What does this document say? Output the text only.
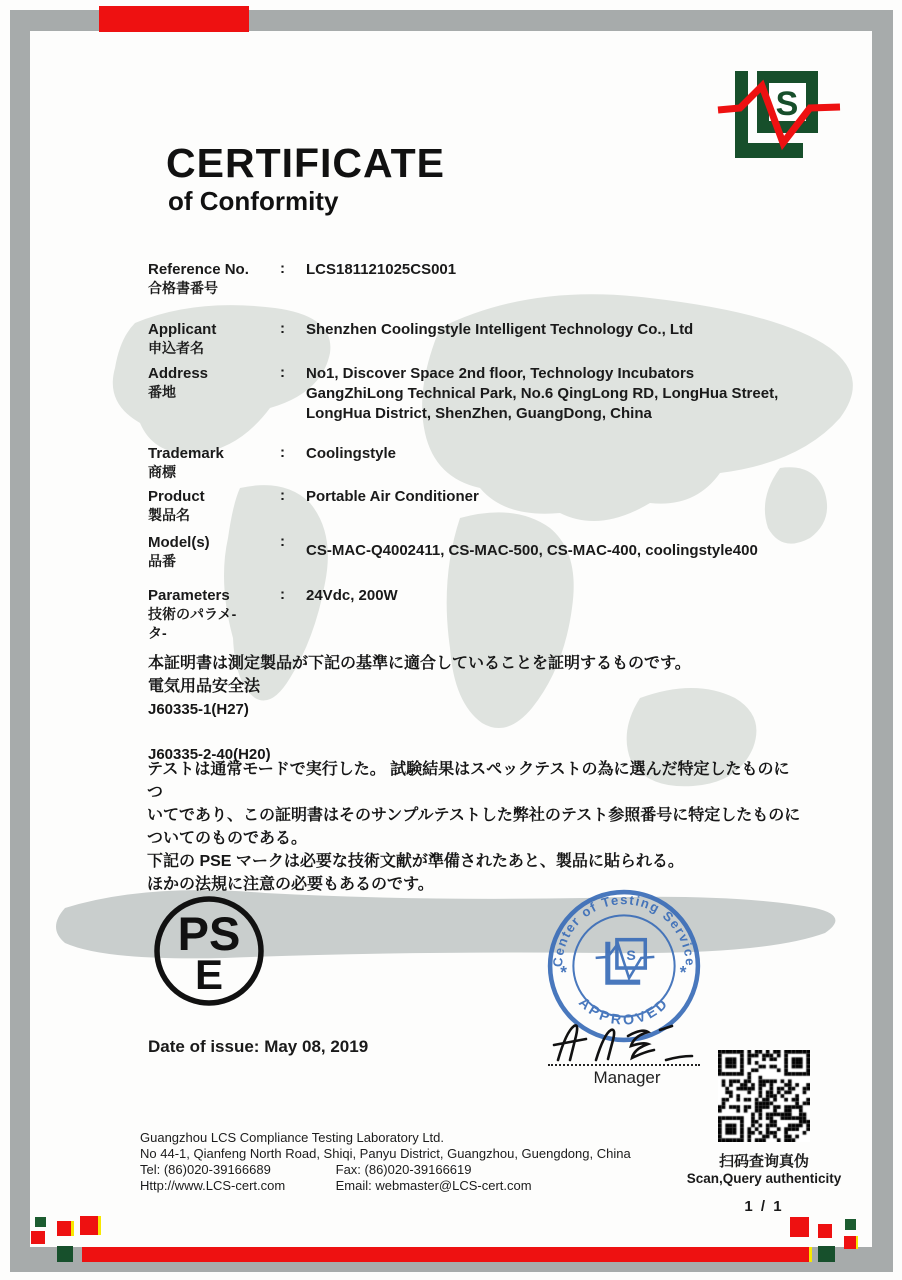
S
CERTIFICATE
of Conformity
Reference No.
合格書番号
:	LCS181121025CS001
Applicant
申込者名
:	Shenzhen Coolingstyle Intelligent Technology Co., Ltd
Address
番地
:	No1, Discover Space 2nd floor, Technology Incubators
GangZhiLong Technical Park, No.6 QingLong RD, LongHua Street,
LongHua District, ShenZhen, GuangDong, China
Trademark
商標
:	Coolingstyle
Product
製品名
:	Portable Air Conditioner
Model(s)
品番
:
CS-MAC-Q4002411, CS-MAC-500, CS-MAC-400, coolingstyle400
Parameters
技術のパラメ-
タ-
:	24Vdc, 200W
本証明書は測定製品が下記の基準に適合していることを証明するものです。
電気用品安全法
J60335-1(H27)
J60335-2-40(H20)
テストは通常モードで実行した。 試験結果はスペックテストの為に選んだ特定したものにつ
いてであり、この証明書はそのサンプルテストした弊社のテスト参照番号に特定したものに
ついてのものである。
下記の PSE マークは必要な技術文献が準備されたあと、製品に貼られる。
ほかの法規に注意の必要もあるのです。
PS
E	Center of Testing Service
APPROVED
*	*
S
Manager
Date of issue: May 08, 2019
扫码查询真伪
Scan,Query authenticity
1 / 1
Guangzhou LCS Compliance Testing Laboratory Ltd.
No 44-1, Qianfeng North Road, Shiqi, Panyu District, Guangzhou, Guengdong, China
Tel: (86)020-39166689	Fax: (86)020-39166619
Http://www.LCS-cert.com	Email: webmaster@LCS-cert.com
